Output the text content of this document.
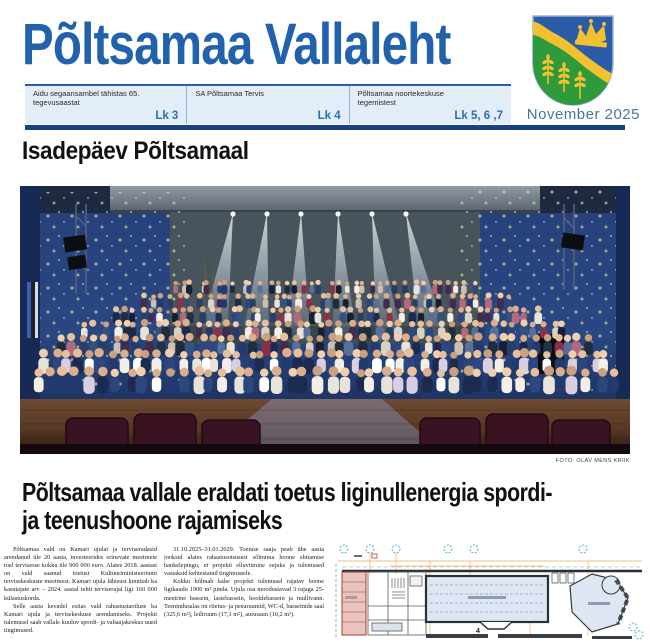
Põltsamaa Vallaleht
Aidu segaansambel tähistas 65. tegevusaastat
Lk 3
SA Põltsamaa Tervis
Lk 4
Põltsamaa noortekeskuse tegemistest
Lk 5, 6 ,7 November 2025
Isadepäev Põltsamaal
FOTO: OLAV MENS KRIIK
Põltsamaa vallale eraldati toetus liginullenergia spordi-
ja teenushoone rajamiseks

Põltsamaa vald on Kamari ujulat ja terviseradasid arendanud üle 20 aasta, investeerides erinevate meetmete toel tervisesse kokku üle 900 000 euro. Alates 2018. aastast on vald saanud toetust Kultuuriministeeriumi tervisekeskuste meetmest. Kamari ujula lähisust kinnitab ka kasutajate arv – 2024. aastal tehti terviserajal ligi 160 000 külastuskorda.

Selle aasta kevadel esitas vald rahastustaotluse ka Kamari ujula ja tervisekeskuse arendamiseks. Projekti tulemusel saab vallale kuuluv spordi- ja vabaajakeskus uued tingimused.

31.10.2025–31.01.2029. Toetuse saaja peab ühe aasta jooksul alates rahastusotsusest sõlmima hoone ehitamise hankelepingu, et projekti elluviimine sujuks ja tulemused vastaksid kehtestatud tingimustele.

Kokku hõlmab kahe projekti tulemusel rajatav hoone ligikaudu 1900 m² pinda. Ujula osa moodustavad 3 rajaga 25-meetrine bassein, lastebassein, hooldebassein ja mullivann. Teenindusalas on riietus- ja pesuruumid, WC-d, basseinide saal (325,6 m²), leiliruum (17,1 m²), aurusaun (10,2 m²).

4
